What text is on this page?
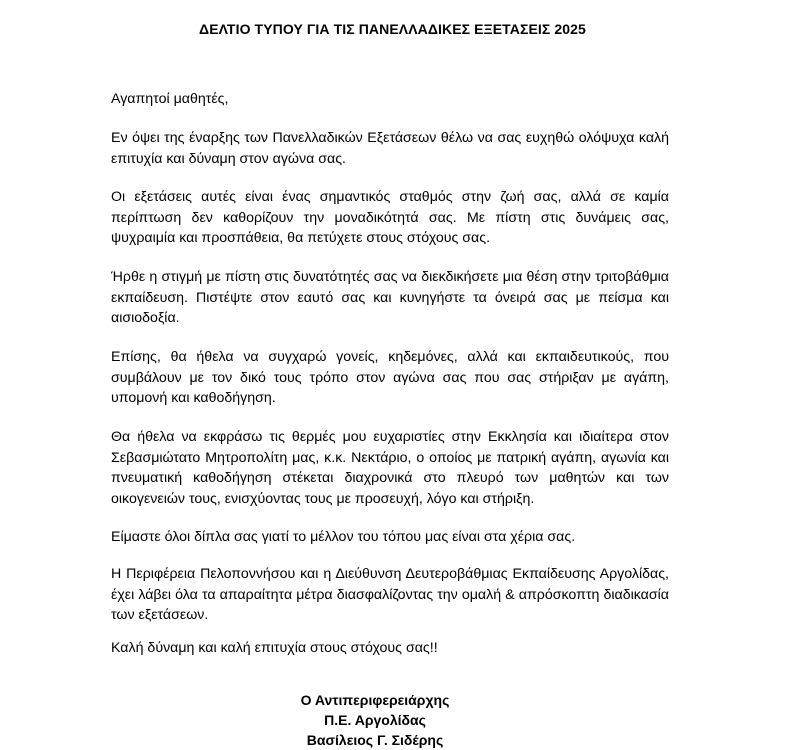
ΔΕΛΤΙΟ ΤΥΠΟΥ ΓΙΑ ΤΙΣ ΠΑΝΕΛΛΑΔΙΚΕΣ ΕΞΕΤΑΣΕΙΣ 2025
Αγαπητοί μαθητές,

Εν όψει της έναρξης των Πανελλαδικών Εξετάσεων θέλω να σας ευχηθώ ολόψυχα καλή επιτυχία και δύναμη στον αγώνα σας.

Οι εξετάσεις αυτές είναι ένας σημαντικός σταθμός στην ζωή σας, αλλά σε καμία περίπτωση δεν καθορίζουν την μοναδικότητά σας. Με πίστη στις δυνάμεις σας, ψυχραιμία και προσπάθεια, θα πετύχετε στους στόχους σας.

Ήρθε η στιγμή με πίστη στις δυνατότητές σας να διεκδικήσετε μια θέση στην τριτοβάθμια εκπαίδευση. Πιστέψτε στον εαυτό σας και κυνηγήστε τα όνειρά σας με πείσμα και αισιοδοξία.

Επίσης, θα ήθελα να συγχαρώ γονείς, κηδεμόνες, αλλά και εκπαιδευτικούς, που συμβάλουν με τον δικό τους τρόπο στον αγώνα σας που σας στήριξαν με αγάπη, υπομονή και καθοδήγηση.

Θα ήθελα να εκφράσω τις θερμές μου ευχαριστίες στην Εκκλησία και ιδιαίτερα στον Σεβασμιώτατο Μητροπολίτη μας, κ.κ. Νεκτάριο, ο οποίος με πατρική αγάπη, αγωνία και πνευματική καθοδήγηση στέκεται διαχρονικά στο πλευρό των μαθητών και των οικογενειών τους, ενισχύοντας τους με προσευχή, λόγο και στήριξη.

Είμαστε όλοι δίπλα σας γιατί το μέλλον του τόπου μας είναι στα χέρια σας.

Η Περιφέρεια Πελοποννήσου και η Διεύθυνση Δευτεροβάθμιας Εκπαίδευσης Αργολίδας, έχει λάβει όλα τα απαραίτητα μέτρα διασφαλίζοντας την ομαλή & απρόσκοπτη διαδικασία των εξετάσεων.

Καλή δύναμη και καλή επιτυχία στους στόχους σας!!

Ο Αντιπεριφερειάρχης
Π.Ε. Αργολίδας
Βασίλειος Γ. Σιδέρης
